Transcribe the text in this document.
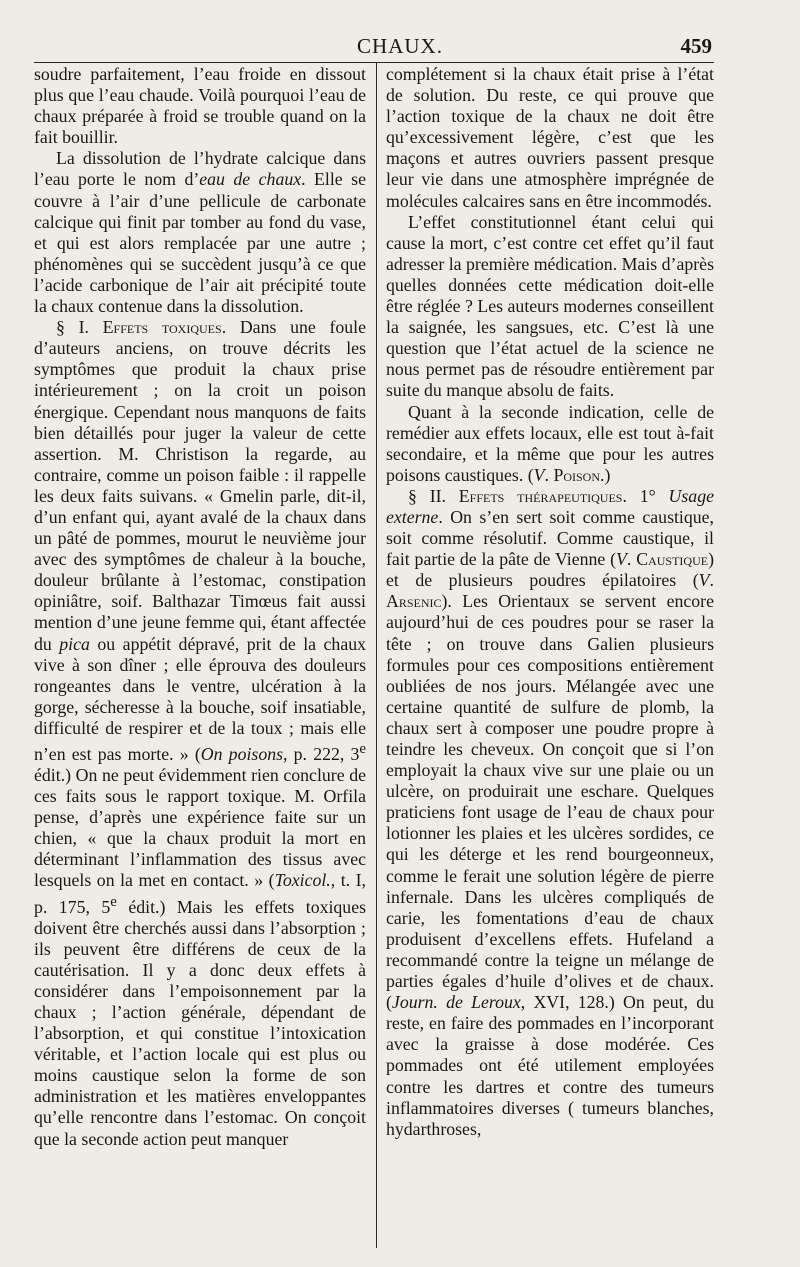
CHAUX.	459

soudre parfaitement, l’eau froide en dissout plus que l’eau chaude. Voilà pourquoi l’eau de chaux préparée à froid se trouble quand on la fait bouillir.

La dissolution de l’hydrate calcique dans l’eau porte le nom d’eau de chaux. Elle se couvre à l’air d’une pellicule de carbonate calcique qui finit par tomber au fond du vase, et qui est alors remplacée par une autre ; phénomènes qui se succèdent jusqu’à ce que l’acide carbonique de l’air ait précipité toute la chaux contenue dans la dissolution.

§ I. Effets toxiques. Dans une foule d’auteurs anciens, on trouve décrits les symptômes que produit la chaux prise intérieurement ; on la croit un poison énergique. Cependant nous manquons de faits bien détaillés pour juger la valeur de cette assertion. M. Christison la regarde, au contraire, comme un poison faible : il rappelle les deux faits suivans. « Gmelin parle, dit-il, d’un enfant qui, ayant avalé de la chaux dans un pâté de pommes, mourut le neuvième jour avec des symptômes de chaleur à la bouche, douleur brûlante à l’estomac, constipation opiniâtre, soif. Balthazar Timœus fait aussi mention d’une jeune femme qui, étant affectée du pica ou appétit dépravé, prit de la chaux vive à son dîner ; elle éprouva des douleurs rongeantes dans le ventre, ulcération à la gorge, sécheresse à la bouche, soif insatiable, difficulté de respirer et de la toux ; mais elle n’en est pas morte. » (On poisons, p. 222, 3e édit.) On ne peut évidemment rien conclure de ces faits sous le rapport toxique. M. Orfila pense, d’après une expérience faite sur un chien, « que la chaux produit la mort en déterminant l’inflammation des tissus avec lesquels on la met en contact. » (Toxicol., t. I, p. 175, 5e édit.) Mais les effets toxiques doivent être cherchés aussi dans l’absorption ; ils peuvent être différens de ceux de la cautérisation. Il y a donc deux effets à considérer dans l’empoisonnement par la chaux ; l’action générale, dépendant de l’absorption, et qui constitue l’intoxication véritable, et l’action locale qui est plus ou moins caustique selon la forme de son administration et les matières enveloppantes qu’elle rencontre dans l’estomac. On conçoit que la seconde action peut manquer

complétement si la chaux était prise à l’état de solution. Du reste, ce qui prouve que l’action toxique de la chaux ne doit être qu’excessivement légère, c’est que les maçons et autres ouvriers passent presque leur vie dans une atmosphère imprégnée de molécules calcaires sans en être incommodés.

L’effet constitutionnel étant celui qui cause la mort, c’est contre cet effet qu’il faut adresser la première médication. Mais d’après quelles données cette médication doit-elle être réglée ? Les auteurs modernes conseillent la saignée, les sangsues, etc. C’est là une question que l’état actuel de la science ne nous permet pas de résoudre entièrement par suite du manque absolu de faits.

Quant à la seconde indication, celle de remédier aux effets locaux, elle est tout à-fait secondaire, et la même que pour les autres poisons caustiques. (V. Poison.)

§ II. Effets thérapeutiques. 1° Usage externe. On s’en sert soit comme caustique, soit comme résolutif. Comme caustique, il fait partie de la pâte de Vienne (V. Caustique) et de plusieurs poudres épilatoires (V. Arsenic). Les Orientaux se servent encore aujourd’hui de ces poudres pour se raser la tête ; on trouve dans Galien plusieurs formules pour ces compositions entièrement oubliées de nos jours. Mélangée avec une certaine quantité de sulfure de plomb, la chaux sert à composer une poudre propre à teindre les cheveux. On conçoit que si l’on employait la chaux vive sur une plaie ou un ulcère, on produirait une eschare. Quelques praticiens font usage de l’eau de chaux pour lotionner les plaies et les ulcères sordides, ce qui les déterge et les rend bourgeonneux, comme le ferait une solution légère de pierre infernale. Dans les ulcères compliqués de carie, les fomentations d’eau de chaux produisent d’excellens effets. Hufeland a recommandé contre la teigne un mélange de parties égales d’huile d’olives et de chaux. (Journ. de Leroux, XVI, 128.) On peut, du reste, en faire des pommades en l’incorporant avec la graisse à dose modérée. Ces pommades ont été utilement employées contre les dartres et contre des tumeurs inflammatoires diverses ( tumeurs blanches, hydarthroses,
